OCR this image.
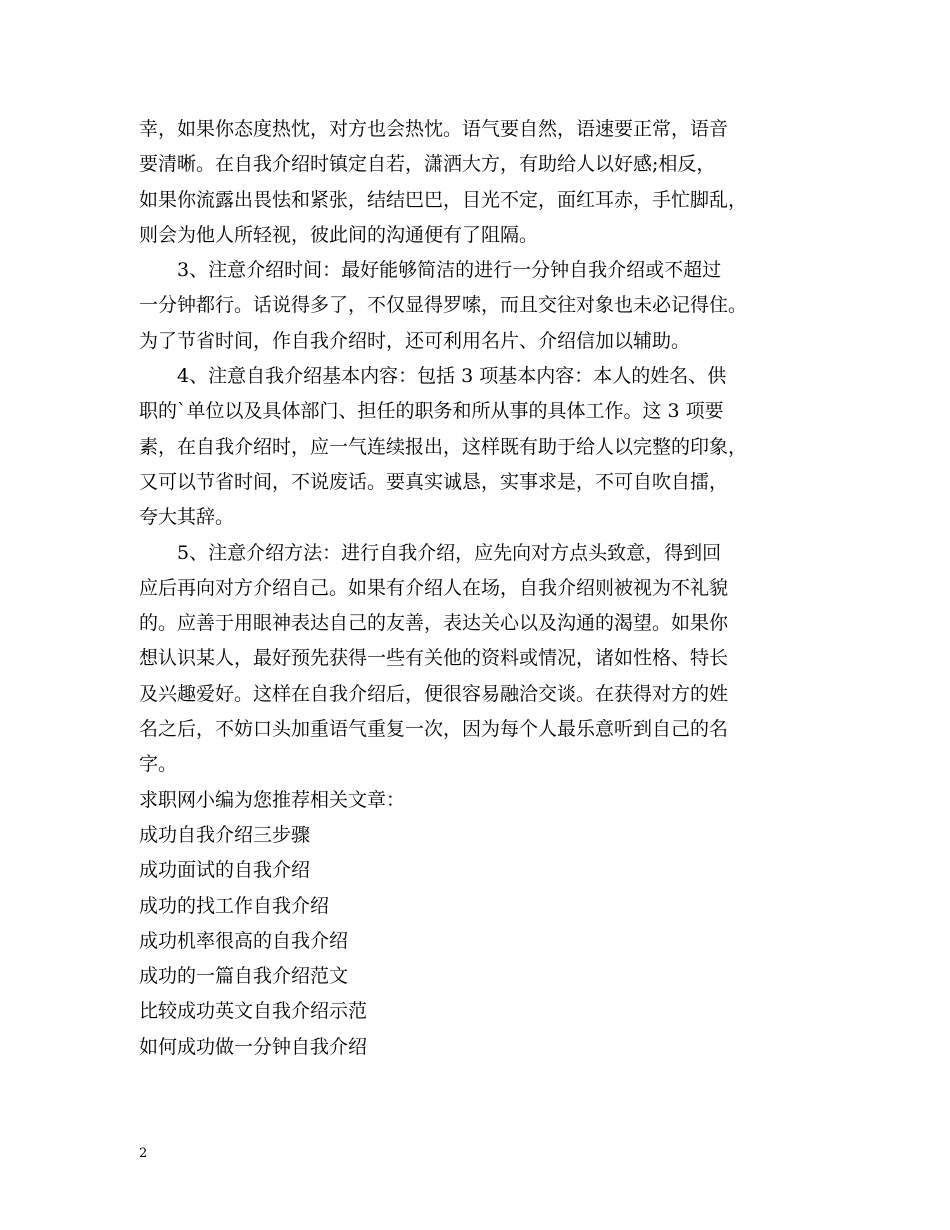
幸，如果你态度热忱，对方也会热忱。语气要自然，语速要正常，语音
要清晰。在自我介绍时镇定自若，潇洒大方，有助给人以好感;相反，
如果你流露出畏怯和紧张，结结巴巴，目光不定，面红耳赤，手忙脚乱，
则会为他人所轻视，彼此间的沟通便有了阻隔。
3、注意介绍时间：最好能够简洁的进行一分钟自我介绍或不超过
一分钟都行。话说得多了，不仅显得罗嗦，而且交往对象也未必记得住。
为了节省时间，作自我介绍时，还可利用名片、介绍信加以辅助。
4、注意自我介绍基本内容：包括 3 项基本内容：本人的姓名、供
职的`单位以及具体部门、担任的职务和所从事的具体工作。这 3 项要
素，在自我介绍时，应一气连续报出，这样既有助于给人以完整的印象，
又可以节省时间，不说废话。要真实诚恳，实事求是，不可自吹自擂，
夸大其辞。
5、注意介绍方法：进行自我介绍，应先向对方点头致意，得到回
应后再向对方介绍自己。如果有介绍人在场，自我介绍则被视为不礼貌
的。应善于用眼神表达自己的友善，表达关心以及沟通的渴望。如果你
想认识某人，最好预先获得一些有关他的资料或情况，诸如性格、特长
及兴趣爱好。这样在自我介绍后，便很容易融洽交谈。在获得对方的姓
名之后，不妨口头加重语气重复一次，因为每个人最乐意听到自己的名
字。
求职网小编为您推荐相关文章：
成功自我介绍三步骤
成功面试的自我介绍
成功的找工作自我介绍
成功机率很高的自我介绍
成功的一篇自我介绍范文
比较成功英文自我介绍示范
如何成功做一分钟自我介绍
2
